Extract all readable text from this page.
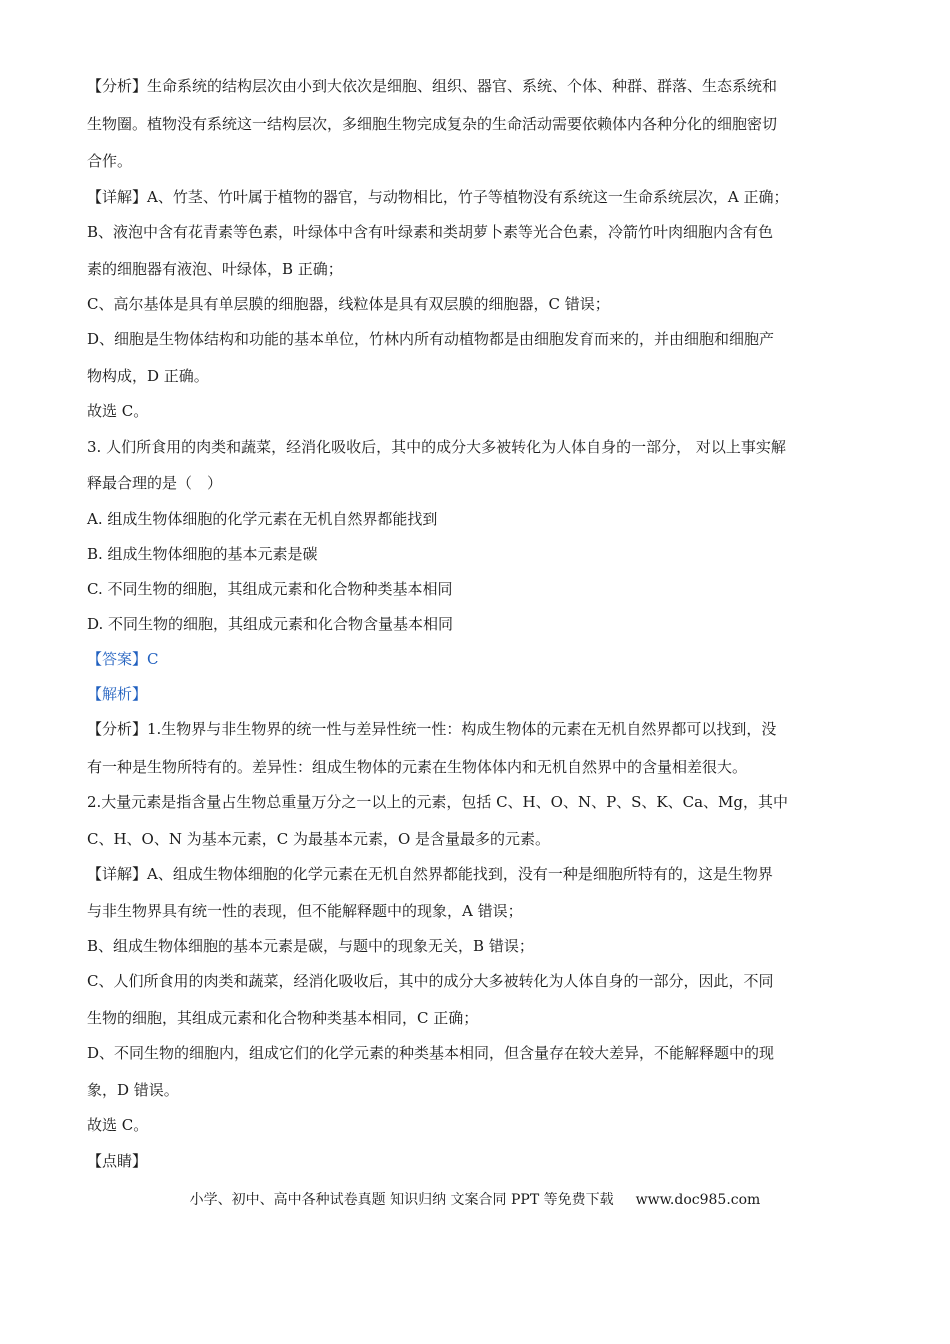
【分析】生命系统的结构层次由小到大依次是细胞、组织、器官、系统、个体、种群、群落、生态系统和
生物圈。植物没有系统这一结构层次，多细胞生物完成复杂的生命活动需要依赖体内各种分化的细胞密切
合作。
【详解】A、竹茎、竹叶属于植物的器官，与动物相比，竹子等植物没有系统这一生命系统层次，A 正确；
B、液泡中含有花青素等色素，叶绿体中含有叶绿素和类胡萝卜素等光合色素，冷箭竹叶肉细胞内含有色
素的细胞器有液泡、叶绿体，B 正确；
C、高尔基体是具有单层膜的细胞器，线粒体是具有双层膜的细胞器，C 错误；
D、细胞是生物体结构和功能的基本单位，竹林内所有动植物都是由细胞发育而来的，并由细胞和细胞产
物构成，D 正确。
故选 C。
3. 人们所食用的肉类和蔬菜，经消化吸收后，其中的成分大多被转化为人体自身的一部分， 对以上事实解
释最合理的是（　）
A. 组成生物体细胞的化学元素在无机自然界都能找到
B. 组成生物体细胞的基本元素是碳
C. 不同生物的细胞，其组成元素和化合物种类基本相同
D. 不同生物的细胞，其组成元素和化合物含量基本相同
【答案】C
【解析】
【分析】1.生物界与非生物界的统一性与差异性统一性：构成生物体的元素在无机自然界都可以找到，没
有一种是生物所特有的。差异性：组成生物体的元素在生物体体内和无机自然界中的含量相差很大。
2.大量元素是指含量占生物总重量万分之一以上的元素，包括 C、H、O、N、P、S、K、Ca、Mg，其中
C、H、O、N 为基本元素，C 为最基本元素，O 是含量最多的元素。
【详解】A、组成生物体细胞的化学元素在无机自然界都能找到，没有一种是细胞所特有的，这是生物界
与非生物界具有统一性的表现，但不能解释题中的现象，A 错误；
B、组成生物体细胞的基本元素是碳，与题中的现象无关，B 错误；
C、人们所食用的肉类和蔬菜，经消化吸收后，其中的成分大多被转化为人体自身的一部分，因此，不同
生物的细胞，其组成元素和化合物种类基本相同，C 正确；
D、不同生物的细胞内，组成它们的化学元素的种类基本相同，但含量存在较大差异，不能解释题中的现
象，D 错误。
故选 C。
【点睛】
小学、初中、高中各种试卷真题 知识归纳 文案合同 PPT 等免费下载 www.doc985.com
